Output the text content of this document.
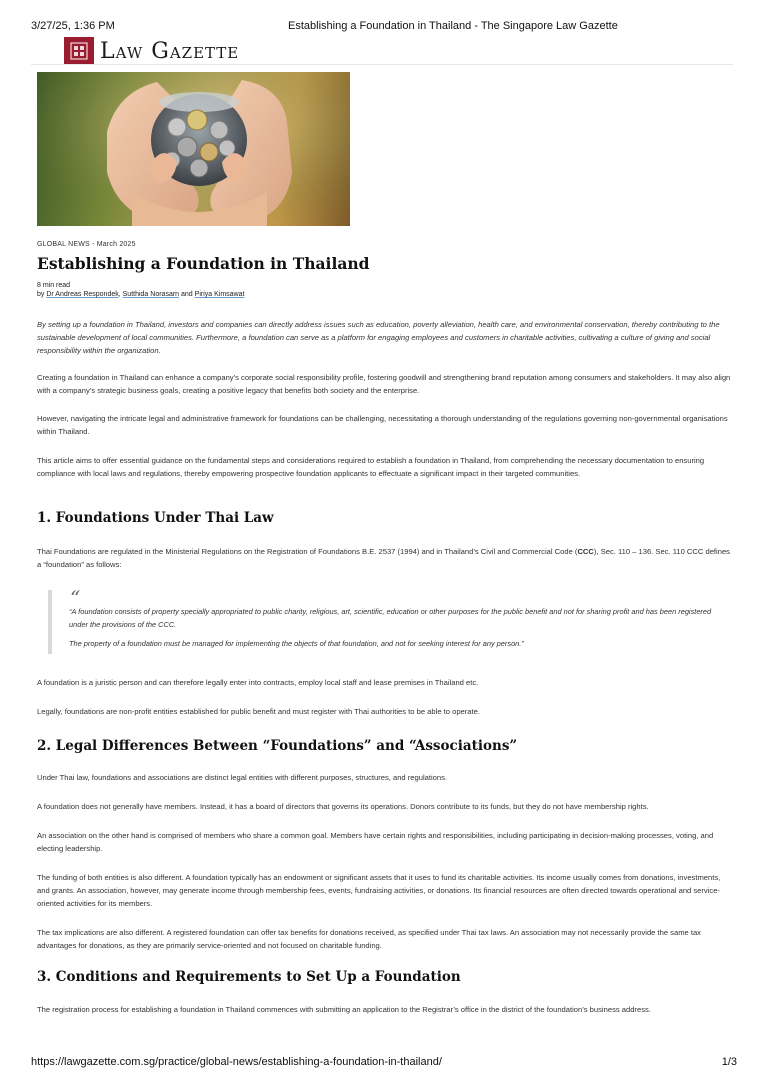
3/27/25, 1:36 PM	Establishing a Foundation in Thailand - The Singapore Law Gazette
Law Gazette
GLOBAL NEWS - March 2025
Establishing a Foundation in Thailand
8 min read
by Dr Andreas Respondek, Sutthida Norasarn and Piriya Kimsawat

By setting up a foundation in Thailand, investors and companies can directly address issues such as education, poverty alleviation, health care, and environmental conservation, thereby contributing to the sustainable development of local communities. Furthermore, a foundation can serve as a platform for engaging employees and customers in charitable activities, cultivating a culture of giving and social responsibility within the organization.

Creating a foundation in Thailand can enhance a company’s corporate social responsibility profile, fostering goodwill and strengthening brand reputation among consumers and stakeholders. It may also align with a company’s strategic business goals, creating a positive legacy that benefits both society and the enterprise.

However, navigating the intricate legal and administrative framework for foundations can be challenging, necessitating a thorough understanding of the regulations governing non-governmental organisations within Thailand.

This article aims to offer essential guidance on the fundamental steps and considerations required to establish a foundation in Thailand, from comprehending the necessary documentation to ensuring compliance with local laws and regulations, thereby empowering prospective foundation applicants to effectuate a significant impact in their targeted communities.

1. Foundations Under Thai Law

Thai Foundations are regulated in the Ministerial Regulations on the Registration of Foundations B.E. 2537 (1994) and in Thailand’s Civil and Commercial Code (CCC), Sec. 110 – 136. Sec. 110 CCC defines a “foundation” as follows:

“

“A foundation consists of property specially appropriated to public charity, religious, art, scientific, education or other purposes for the public benefit and not for sharing profit and has been registered under the provisions of the CCC.

The property of a foundation must be managed for implementing the objects of that foundation, and not for seeking interest for any person.”

A foundation is a juristic person and can therefore legally enter into contracts, employ local staff and lease premises in Thailand etc.

Legally, foundations are non-profit entities established for public benefit and must register with Thai authorities to be able to operate.

2. Legal Differences Between “Foundations” and “Associations”

Under Thai law, foundations and associations are distinct legal entities with different purposes, structures, and regulations.

A foundation does not generally have members. Instead, it has a board of directors that governs its operations. Donors contribute to its funds, but they do not have membership rights.

An association on the other hand is comprised of members who share a common goal. Members have certain rights and responsibilities, including participating in decision-making processes, voting, and electing leadership.

The funding of both entities is also different. A foundation typically has an endowment or significant assets that it uses to fund its charitable activities. Its income usually comes from donations, investments, and grants. An association, however, may generate income through membership fees, events, fundraising activities, or donations. Its financial resources are often directed towards operational and service-oriented activities for its members.

The tax implications are also different. A registered foundation can offer tax benefits for donations received, as specified under Thai tax laws. An association may not necessarily provide the same tax advantages for donations, as they are primarily service-oriented and not focused on charitable funding.

3. Conditions and Requirements to Set Up a Foundation

The registration process for establishing a foundation in Thailand commences with submitting an application to the Registrar’s office in the district of the foundation’s business address.

https://lawgazette.com.sg/practice/global-news/establishing-a-foundation-in-thailand/	1/3
